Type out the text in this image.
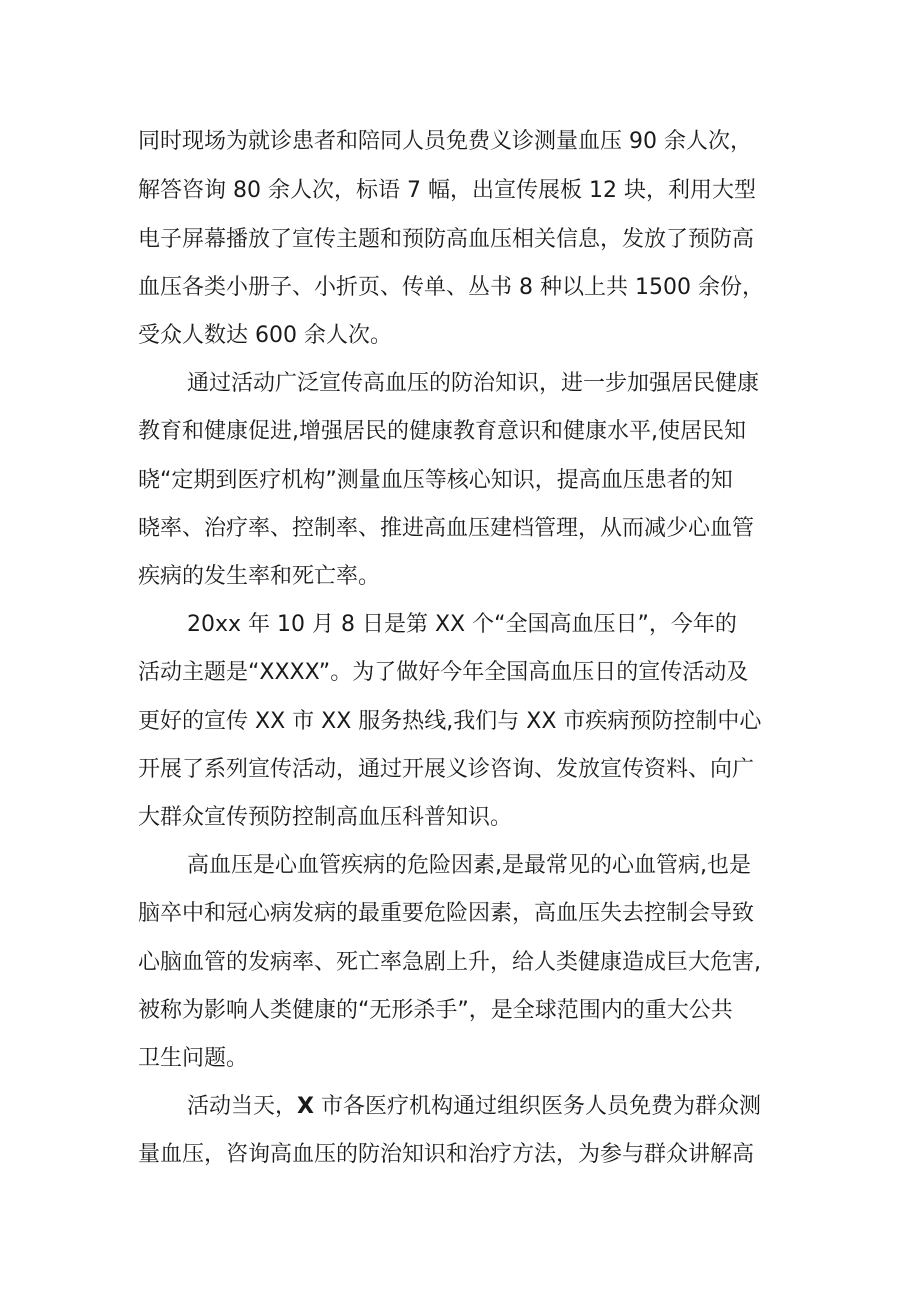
同时现场为就诊患者和陪同人员免费义诊测量血压 90 余人次，
解答咨询 80 余人次，标语 7 幅，出宣传展板 12 块，利用大型
电子屏幕播放了宣传主题和预防高血压相关信息，发放了预防高
血压各类小册子、小折页、传单、丛书 8 种以上共 1500 余份，
受众人数达 600 余人次。
通过活动广泛宣传高血压的防治知识，进一步加强居民健康
教育和健康促进,增强居民的健康教育意识和健康水平,使居民知
晓“定期到医疗机构”测量血压等核心知识，提高血压患者的知
晓率、治疗率、控制率、推进高血压建档管理，从而减少心血管
疾病的发生率和死亡率。
20xx 年 10 月 8 日是第 XX 个“全国高血压日”，今年的
活动主题是“XXXX”。为了做好今年全国高血压日的宣传活动及
更好的宣传 XX 市 XX 服务热线,我们与 XX 市疾病预防控制中心
开展了系列宣传活动，通过开展义诊咨询、发放宣传资料、向广
大群众宣传预防控制高血压科普知识。
高血压是心血管疾病的危险因素,是最常见的心血管病,也是
脑卒中和冠心病发病的最重要危险因素，高血压失去控制会导致
心脑血管的发病率、死亡率急剧上升，给人类健康造成巨大危害,
被称为影响人类健康的“无形杀手”，是全球范围内的重大公共
卫生问题。
活动当天，X 市各医疗机构通过组织医务人员免费为群众测
量血压，咨询高血压的防治知识和治疗方法，为参与群众讲解高
